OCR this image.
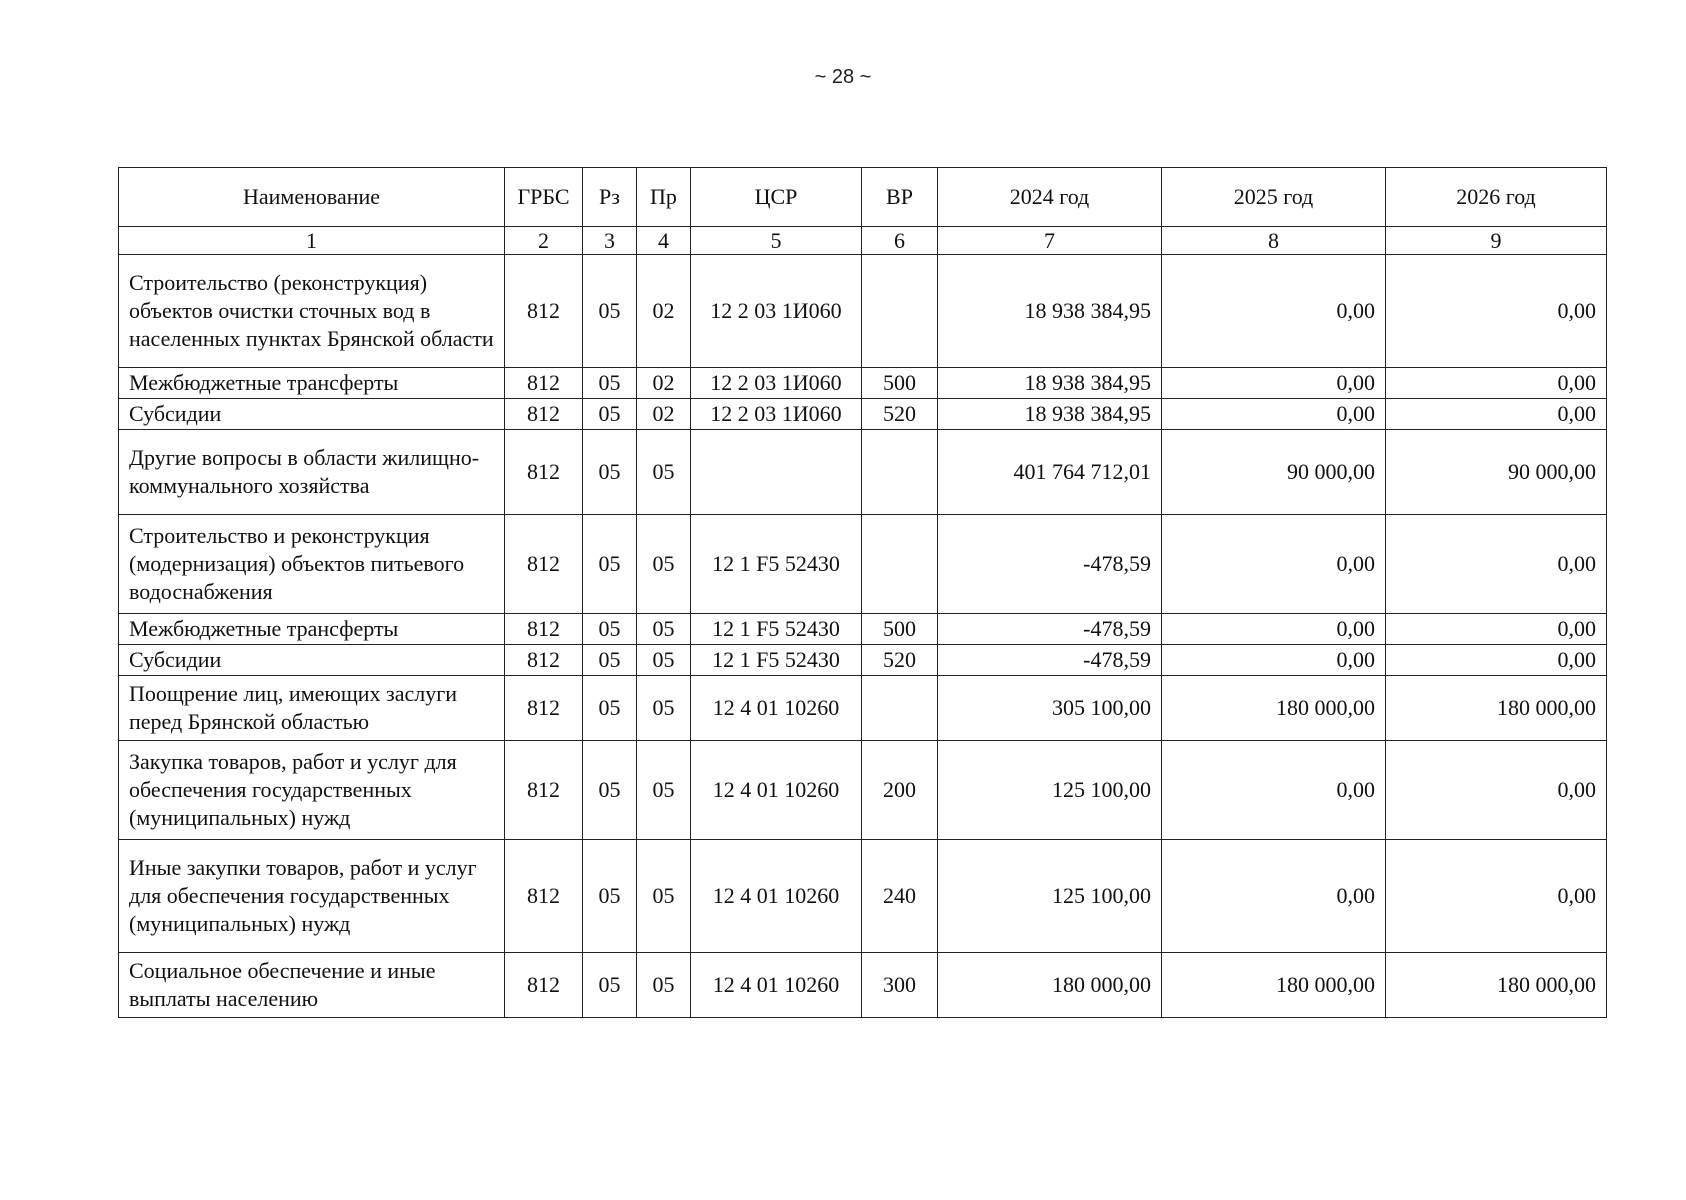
~ 28 ~
Наименование	ГРБС	Рз	Пр	ЦСР	ВР	2024 год	2025 год	2026 год
1	2	3	4	5	6	7	8	9
Строительство (реконструкция) объектов очистки сточных вод в населенных пунктах Брянской области	812	05	02	12 2 03 1И060		18 938 384,95	0,00	0,00
Межбюджетные трансферты	812	05	02	12 2 03 1И060	500	18 938 384,95	0,00	0,00
Субсидии	812	05	02	12 2 03 1И060	520	18 938 384,95	0,00	0,00
Другие вопросы в области жилищно-коммунального хозяйства	812	05	05			401 764 712,01	90 000,00	90 000,00
Строительство и реконструкция (модернизация) объектов питьевого водоснабжения	812	05	05	12 1 F5 52430		-478,59	0,00	0,00
Межбюджетные трансферты	812	05	05	12 1 F5 52430	500	-478,59	0,00	0,00
Субсидии	812	05	05	12 1 F5 52430	520	-478,59	0,00	0,00
Поощрение лиц, имеющих заслуги перед Брянской областью	812	05	05	12 4 01 10260		305 100,00	180 000,00	180 000,00
Закупка товаров, работ и услуг для обеспечения государственных (муниципальных) нужд	812	05	05	12 4 01 10260	200	125 100,00	0,00	0,00
Иные закупки товаров, работ и услуг для обеспечения государственных (муниципальных) нужд	812	05	05	12 4 01 10260	240	125 100,00	0,00	0,00
Социальное обеспечение и иные выплаты населению	812	05	05	12 4 01 10260	300	180 000,00	180 000,00	180 000,00
